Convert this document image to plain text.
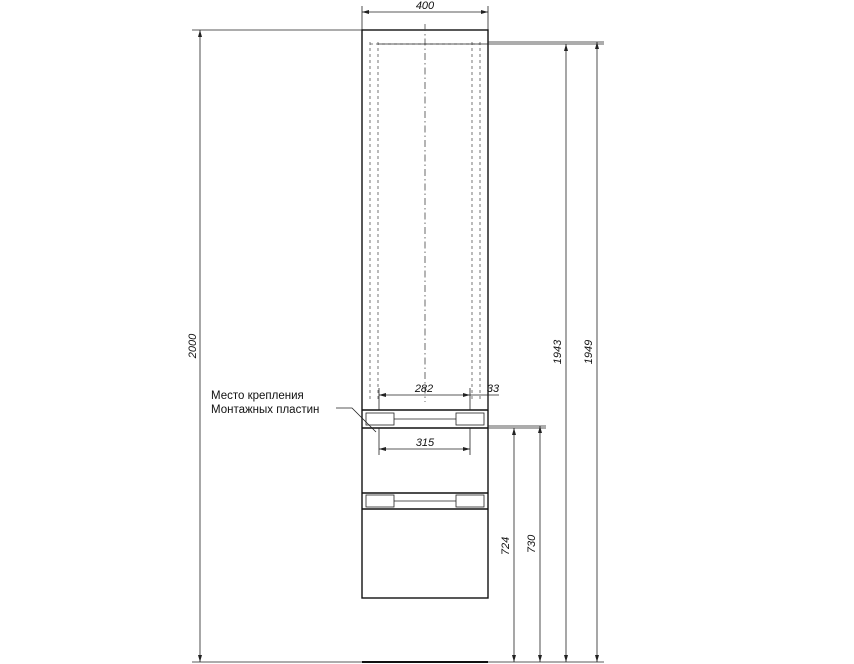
400
282	33
315
2000	1943 1949
724 730
Место крепления
Монтажных пластин
